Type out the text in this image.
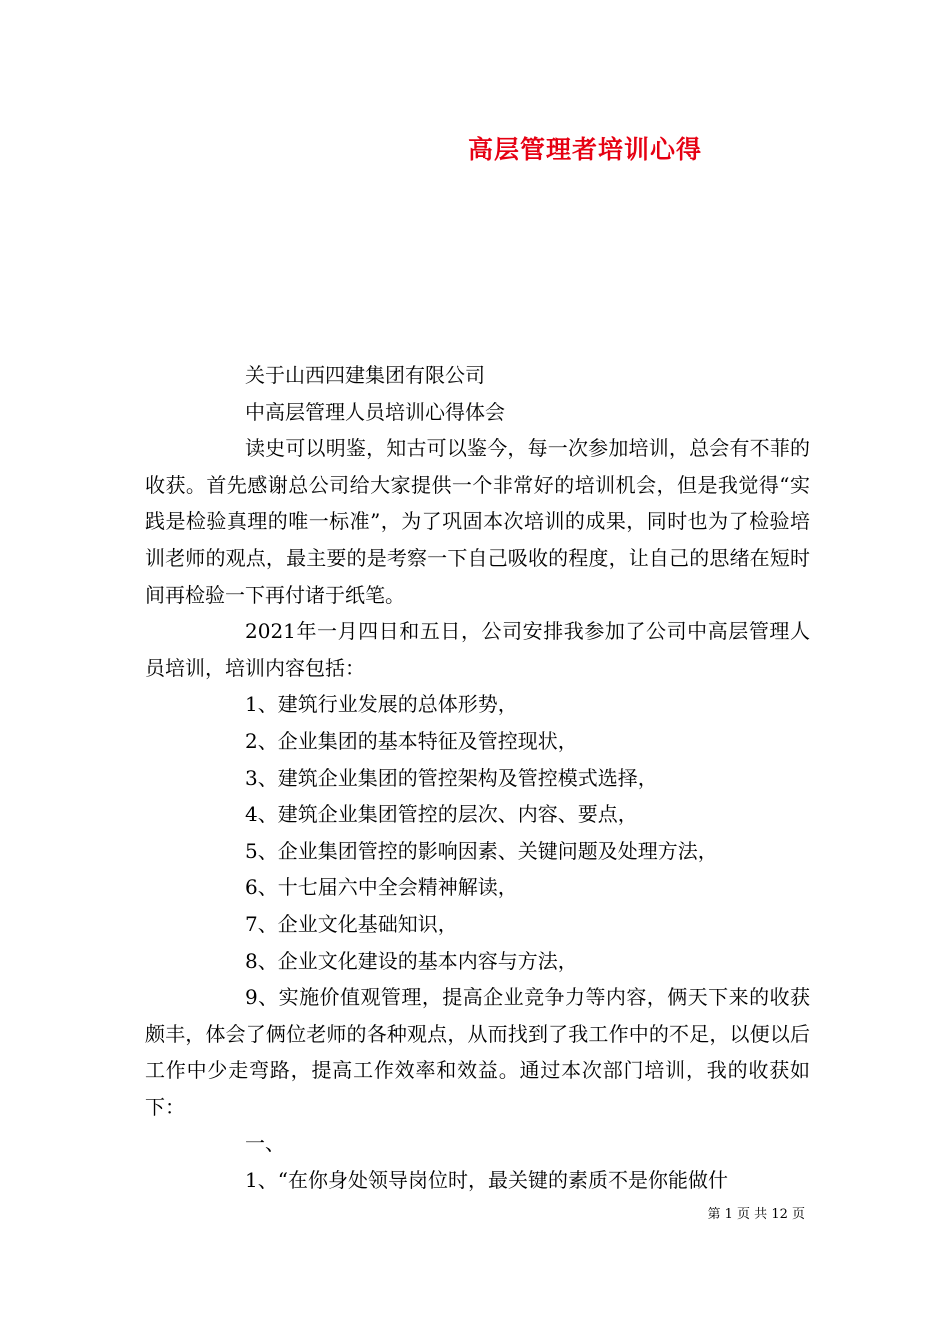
高层管理者培训心得

关于山西四建集团有限公司

中高层管理人员培训心得体会

读史可以明鉴，知古可以鉴今，每一次参加培训，总会有不菲的收获。首先感谢总公司给大家提供一个非常好的培训机会，但是我觉得“实践是检验真理的唯一标准”，为了巩固本次培训的成果，同时也为了检验培训老师的观点，最主要的是考察一下自己吸收的程度，让自己的思绪在短时间再检验一下再付诸于纸笔。

2021年一月四日和五日，公司安排我参加了公司中高层管理人员培训，培训内容包括：

1、建筑行业发展的总体形势，

2、企业集团的基本特征及管控现状，

3、建筑企业集团的管控架构及管控模式选择，

4、建筑企业集团管控的层次、内容、要点，

5、企业集团管控的影响因素、关键问题及处理方法，

6、十七届六中全会精神解读，

7、企业文化基础知识，

8、企业文化建设的基本内容与方法，

9、实施价值观管理，提高企业竞争力等内容，俩天下来的收获颇丰，体会了俩位老师的各种观点，从而找到了我工作中的不足，以便以后工作中少走弯路，提高工作效率和效益。通过本次部门培训，我的收获如下：

一、

1、“在你身处领导岗位时，最关键的素质不是你能做什

第 1 页 共 12 页
